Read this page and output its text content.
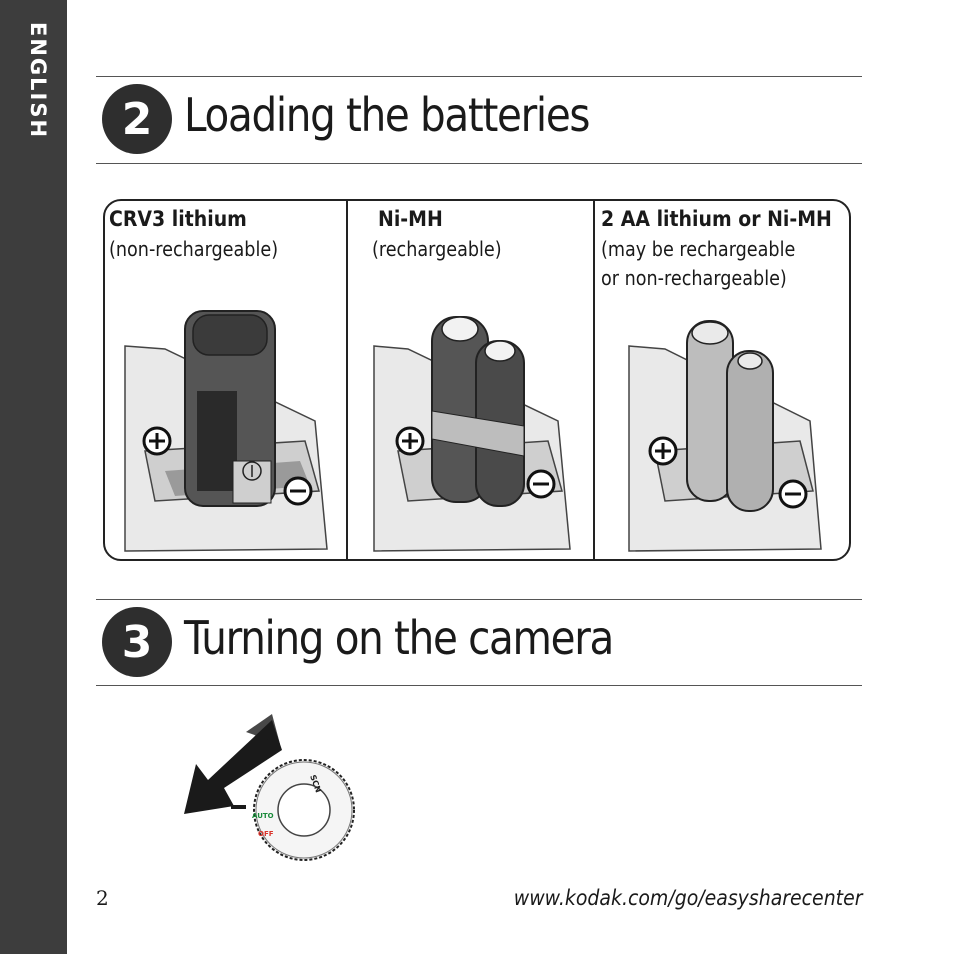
ENGLISH	2 Loading the batteries
CRV3 lithium
(non-rechargeable)
Ni-MH
(rechargeable)
2 AA lithium or Ni-MH
(may be rechargeable
or non-rechargeable)
3 Turning on the camera
AUTO
OFF
SCN
2	www.kodak.com/go/easysharecenter
